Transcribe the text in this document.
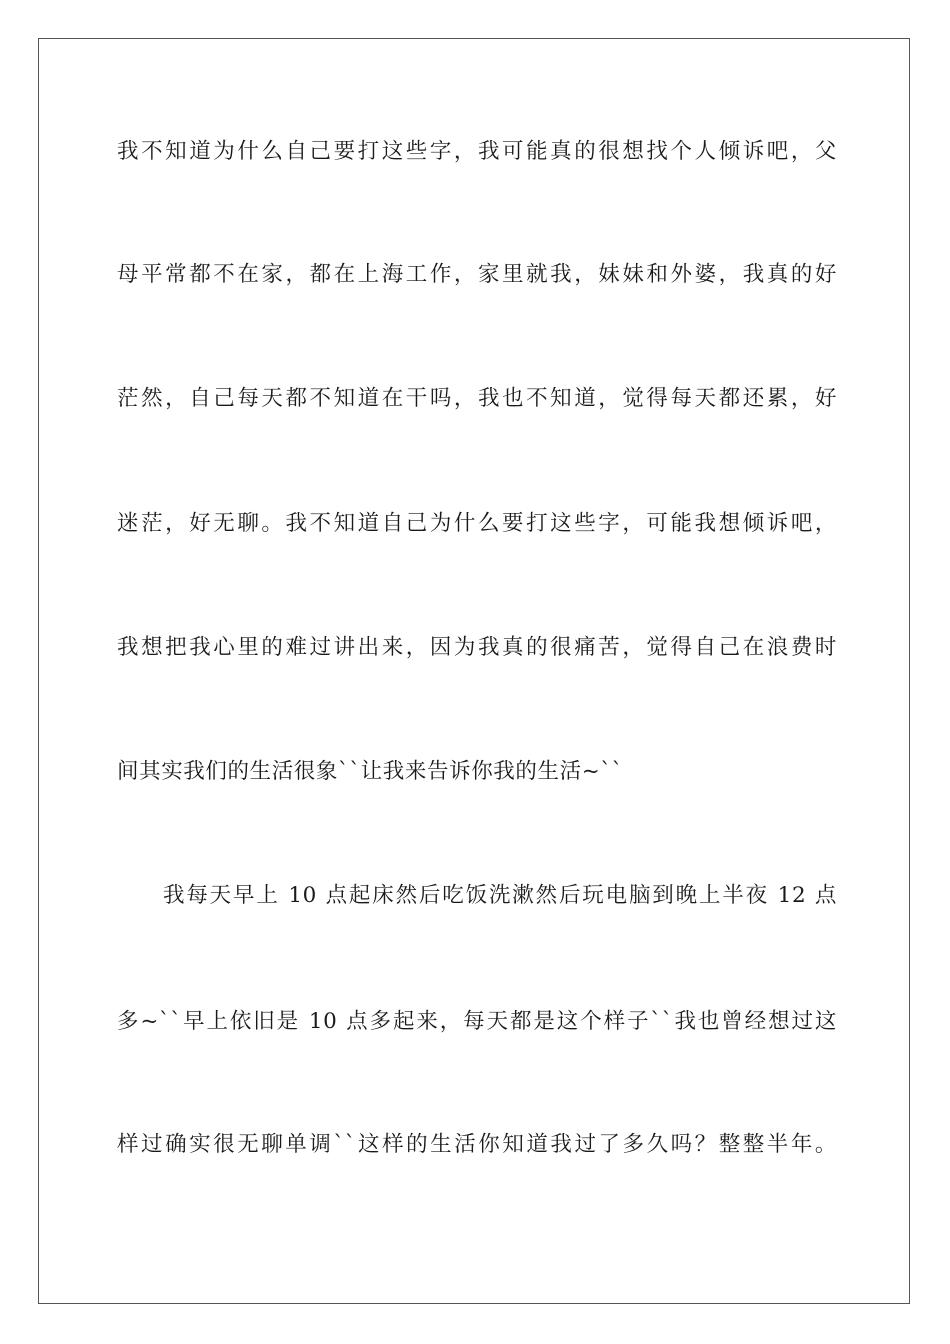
我不知道为什么自己要打这些字，我可能真的很想找个人倾诉吧，父

母平常都不在家，都在上海工作，家里就我，妹妹和外婆，我真的好

茫然，自己每天都不知道在干吗，我也不知道，觉得每天都还累，好

迷茫，好无聊。我不知道自己为什么要打这些字，可能我想倾诉吧，

我想把我心里的难过讲出来，因为我真的很痛苦，觉得自己在浪费时

间其实我们的生活很象``让我来告诉你我的生活~``

我每天早上 10 点起床然后吃饭洗漱然后玩电脑到晚上半夜 12 点

多~``早上依旧是 10 点多起来，每天都是这个样子``我也曾经想过这

样过确实很无聊单调``这样的生活你知道我过了多久吗？整整半年。
